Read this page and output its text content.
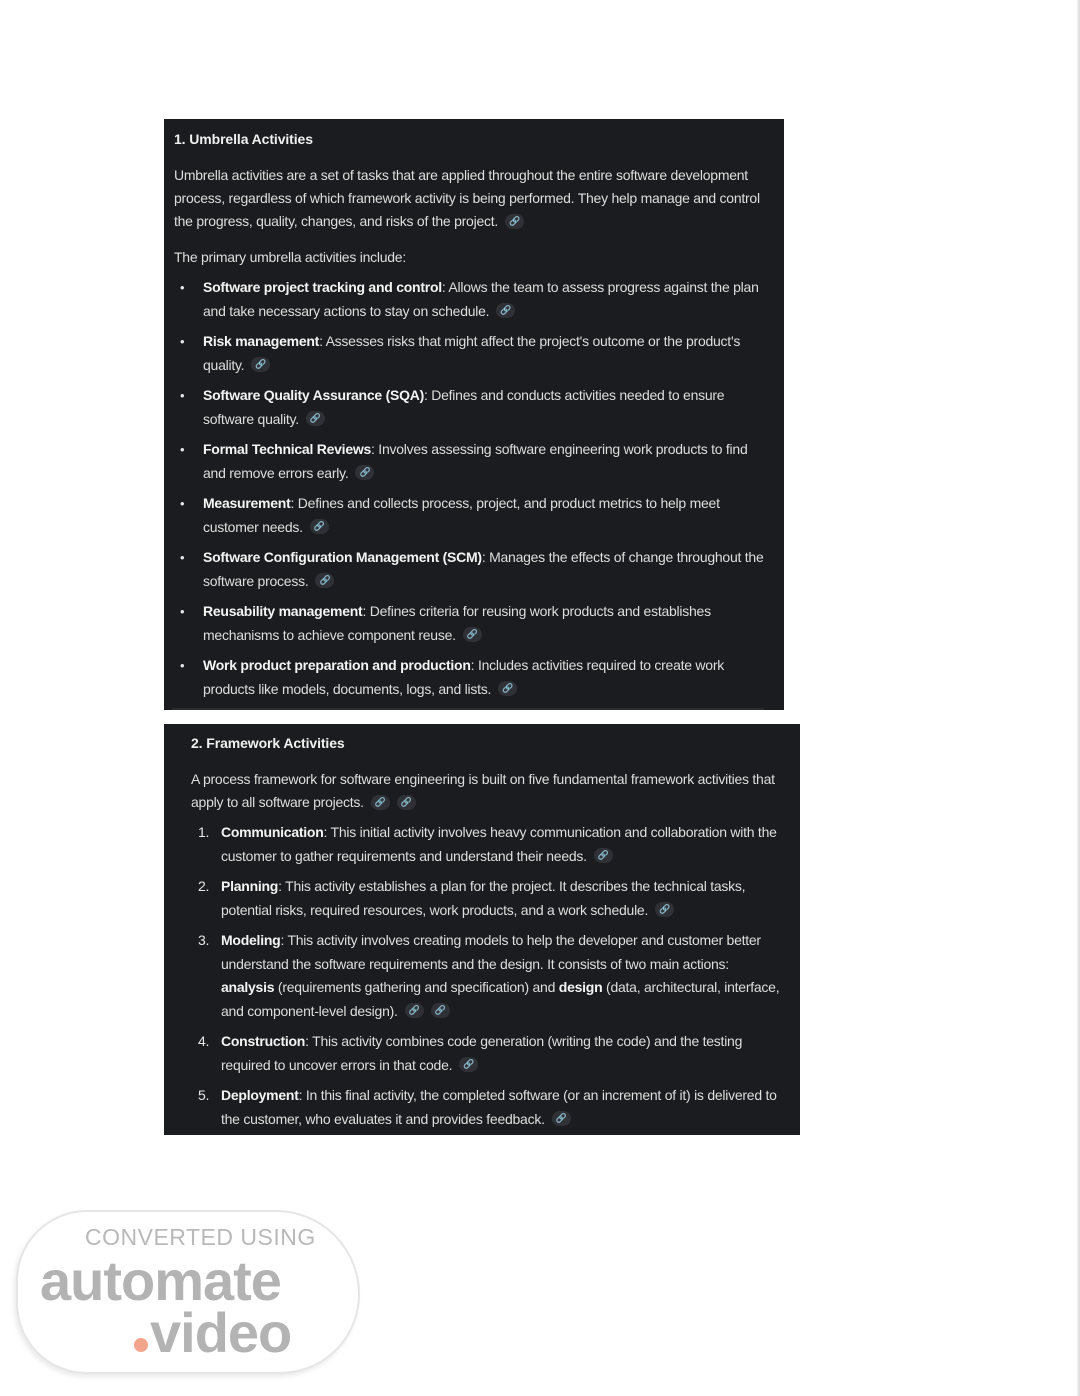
1. Umbrella Activities

Umbrella activities are a set of tasks that are applied throughout the entire software development process, regardless of which framework activity is being performed. They help manage and control the progress, quality, changes, and risks of the project. 🔗

The primary umbrella activities include:

• Software project tracking and control: Allows the team to assess progress against the plan and take necessary actions to stay on schedule. 🔗
• Risk management: Assesses risks that might affect the project's outcome or the product's quality. 🔗
• Software Quality Assurance (SQA): Defines and conducts activities needed to ensure software quality. 🔗
• Formal Technical Reviews: Involves assessing software engineering work products to find and remove errors early. 🔗
• Measurement: Defines and collects process, project, and product metrics to help meet customer needs. 🔗
• Software Configuration Management (SCM): Manages the effects of change throughout the software process. 🔗
• Reusability management: Defines criteria for reusing work products and establishes mechanisms to achieve component reuse. 🔗
• Work product preparation and production: Includes activities required to create work products like models, documents, logs, and lists. 🔗
2. Framework Activities

A process framework for software engineering is built on five fundamental framework activities that apply to all software projects. 🔗 🔗

1. Communication: This initial activity involves heavy communication and collaboration with the customer to gather requirements and understand their needs. 🔗
2. Planning: This activity establishes a plan for the project. It describes the technical tasks, potential risks, required resources, work products, and a work schedule. 🔗
3. Modeling: This activity involves creating models to help the developer and customer better understand the software requirements and the design. It consists of two main actions: analysis (requirements gathering and specification) and design (data, architectural, interface, and component-level design). 🔗 🔗
4. Construction: This activity combines code generation (writing the code) and the testing required to uncover errors in that code. 🔗
5. Deployment: In this final activity, the completed software (or an increment of it) is delivered to the customer, who evaluates it and provides feedback. 🔗
CONVERTED USING
automate
video
